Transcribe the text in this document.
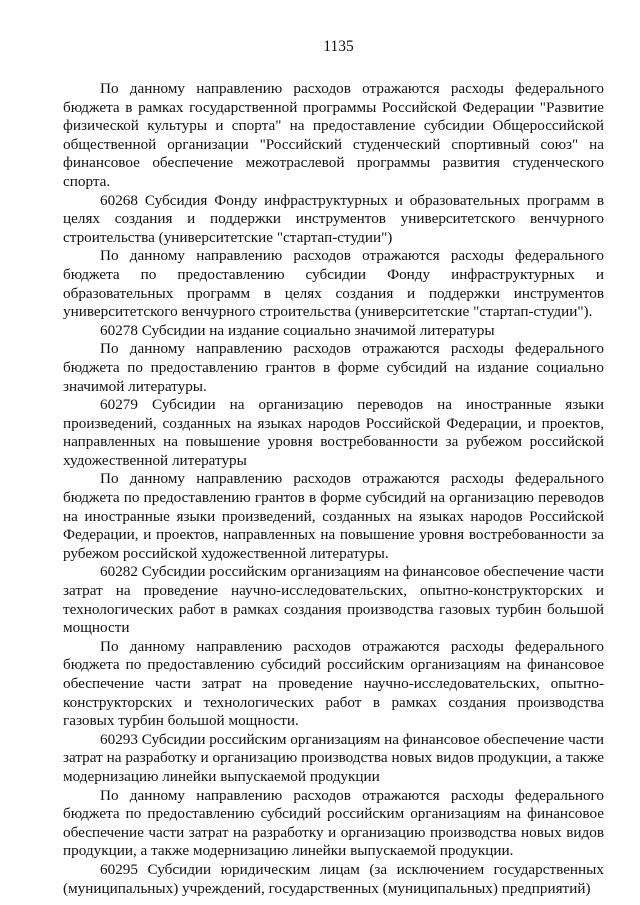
1135

По данному направлению расходов отражаются расходы федерального бюджета в рамках государственной программы Российской Федерации "Развитие физической культуры и спорта" на предоставление субсидии Общероссийской общественной организации "Российский студенческий спортивный союз" на финансовое обеспечение межотраслевой программы развития студенческого спорта.

60268 Субсидия Фонду инфраструктурных и образовательных программ в целях создания и поддержки инструментов университетского венчурного строительства (университетские "стартап-студии")

По данному направлению расходов отражаются расходы федерального бюджета по предоставлению субсидии Фонду инфраструктурных и образовательных программ в целях создания и поддержки инструментов университетского венчурного строительства (университетские "стартап-студии").

60278 Субсидии на издание социально значимой литературы

По данному направлению расходов отражаются расходы федерального бюджета по предоставлению грантов в форме субсидий на издание социально значимой литературы.

60279 Субсидии на организацию переводов на иностранные языки произведений, созданных на языках народов Российской Федерации, и проектов, направленных на повышение уровня востребованности за рубежом российской художественной литературы

По данному направлению расходов отражаются расходы федерального бюджета по предоставлению грантов в форме субсидий на организацию переводов на иностранные языки произведений, созданных на языках народов Российской Федерации, и проектов, направленных на повышение уровня востребованности за рубежом российской художественной литературы.

60282 Субсидии российским организациям на финансовое обеспечение части затрат на проведение научно-исследовательских, опытно-конструкторских и технологических работ в рамках создания производства газовых турбин большой мощности

По данному направлению расходов отражаются расходы федерального бюджета по предоставлению субсидий российским организациям на финансовое обеспечение части затрат на проведение научно-исследовательских, опытно-конструкторских и технологических работ в рамках создания производства газовых турбин большой мощности.

60293 Субсидии российским организациям на финансовое обеспечение части затрат на разработку и организацию производства новых видов продукции, а также модернизацию линейки выпускаемой продукции

По данному направлению расходов отражаются расходы федерального бюджета по предоставлению субсидий российским организациям на финансовое обеспечение части затрат на разработку и организацию производства новых видов продукции, а также модернизацию линейки выпускаемой продукции.

60295 Субсидии юридическим лицам (за исключением государственных (муниципальных) учреждений, государственных (муниципальных) предприятий)
